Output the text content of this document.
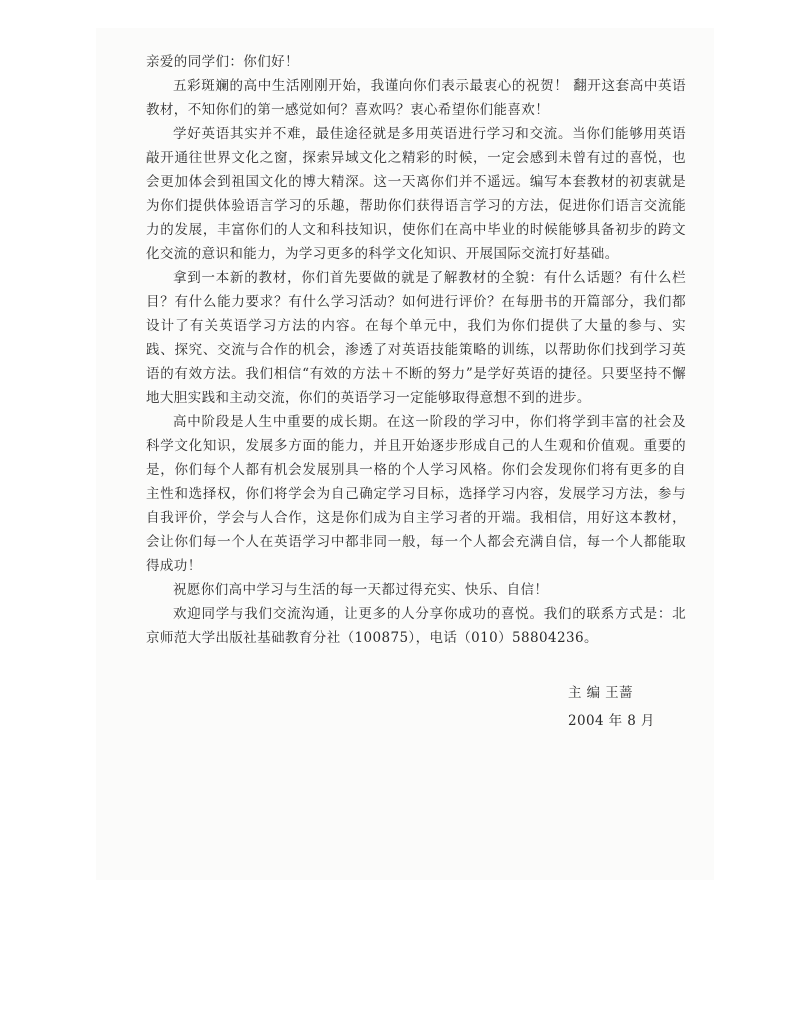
亲爱的同学们：你们好！

五彩斑斓的高中生活刚刚开始，我谨向你们表示最衷心的祝贺！ 翻开这套高中英语教材，不知你们的第一感觉如何？喜欢吗？衷心希望你们能喜欢！

学好英语其实并不难，最佳途径就是多用英语进行学习和交流。当你们能够用英语敲开通往世界文化之窗，探索异域文化之精彩的时候，一定会感到未曾有过的喜悦，也会更加体会到祖国文化的博大精深。这一天离你们并不遥远。编写本套教材的初衷就是为你们提供体验语言学习的乐趣，帮助你们获得语言学习的方法，促进你们语言交流能力的发展，丰富你们的人文和科技知识，使你们在高中毕业的时候能够具备初步的跨文化交流的意识和能力，为学习更多的科学文化知识、开展国际交流打好基础。

拿到一本新的教材，你们首先要做的就是了解教材的全貌：有什么话题？有什么栏目？有什么能力要求？有什么学习活动？如何进行评价？在每册书的开篇部分，我们都设计了有关英语学习方法的内容。在每个单元中，我们为你们提供了大量的参与、实践、探究、交流与合作的机会，渗透了对英语技能策略的训练，以帮助你们找到学习英语的有效方法。我们相信“有效的方法＋不断的努力”是学好英语的捷径。只要坚持不懈地大胆实践和主动交流，你们的英语学习一定能够取得意想不到的进步。

高中阶段是人生中重要的成长期。在这一阶段的学习中，你们将学到丰富的社会及科学文化知识，发展多方面的能力，并且开始逐步形成自己的人生观和价值观。重要的是，你们每个人都有机会发展别具一格的个人学习风格。你们会发现你们将有更多的自主性和选择权，你们将学会为自己确定学习目标，选择学习内容，发展学习方法，参与自我评价，学会与人合作，这是你们成为自主学习者的开端。我相信，用好这本教材，会让你们每一个人在英语学习中都非同一般，每一个人都会充满自信，每一个人都能取得成功！

祝愿你们高中学习与生活的每一天都过得充实、快乐、自信！

欢迎同学与我们交流沟通，让更多的人分享你成功的喜悦。我们的联系方式是：北京师范大学出版社基础教育分社（100875），电话（010）58804236。

主 编 王蔷
2004 年 8 月
